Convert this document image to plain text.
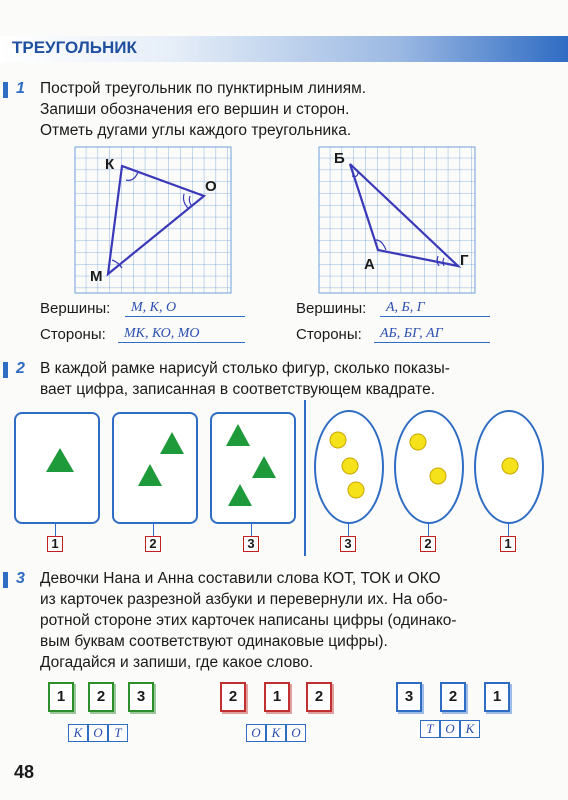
ТРЕУГОЛЬНИК
1 Построй треугольник по пунктирным линиям.
Запиши обозначения его вершин и сторон.
Отметь дугами углы каждого треугольника.
К
О
М
Б
А	Г
Вершины:	М, К, О
Стороны:	МК, КО, МО
Вершины:	А, Б, Г
Стороны:	АБ, БГ, АГ
2 В каждой рамке нарисуй столько фигур, сколько показы-
вает цифра, записанная в соответствующем квадрате.
1	2	3	3	2	1
3 Девочки Нана и Анна составили слова КОТ, ТОК и ОКО
из карточек разрезной азбуки и перевернули их. На обо-
ротной стороне этих карточек написаны цифры (одинако-
вым буквам соответствуют одинаковые цифры).
Догадайся и запиши, где какое слово.
1	2	3
К О Т
2	1	2
О К О
3	2	1
Т О К
48
